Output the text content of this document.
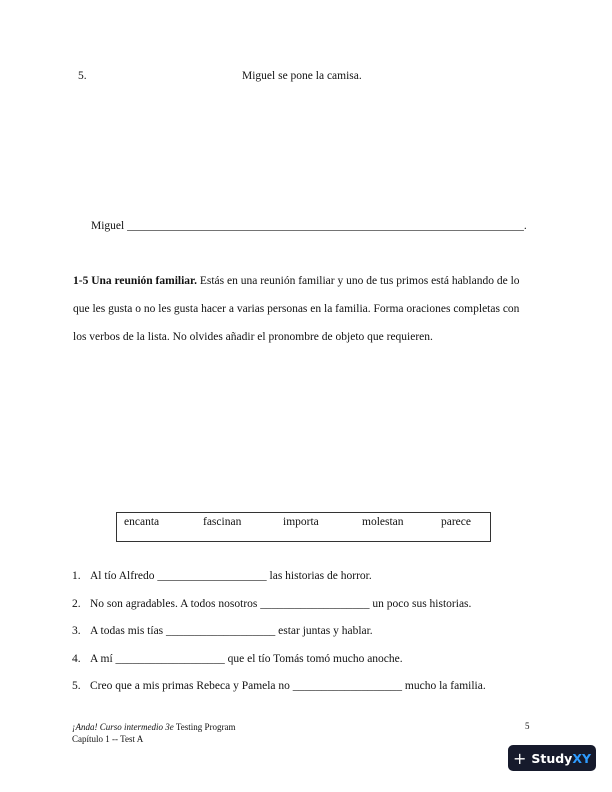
5.	Miguel se pone la camisa.
Miguel _____________________________________________________________________.
1-5 Una reunión familiar. Estás en una reunión familiar y uno de tus primos está hablando de lo
que les gusta o no les gusta hacer a varias personas en la familia. Forma oraciones completas con
los verbos de la lista. No olvides añadir el pronombre de objeto que requieren.
encanta	fascinan	importa	molestan	parece
1. Al tío Alfredo ___________________ las historias de horror.
2. No son agradables. A todos nosotros ___________________ un poco sus historias.
3. A todas mis tías ___________________ estar juntas y hablar.
4. A mí ___________________ que el tío Tomás tomó mucho anoche.
5. Creo que a mis primas Rebeca y Pamela no ___________________ mucho la familia.
¡Anda! Curso intermedio 3e Testing Program
Capítulo 1 -- Test A
5
+ Study XY
